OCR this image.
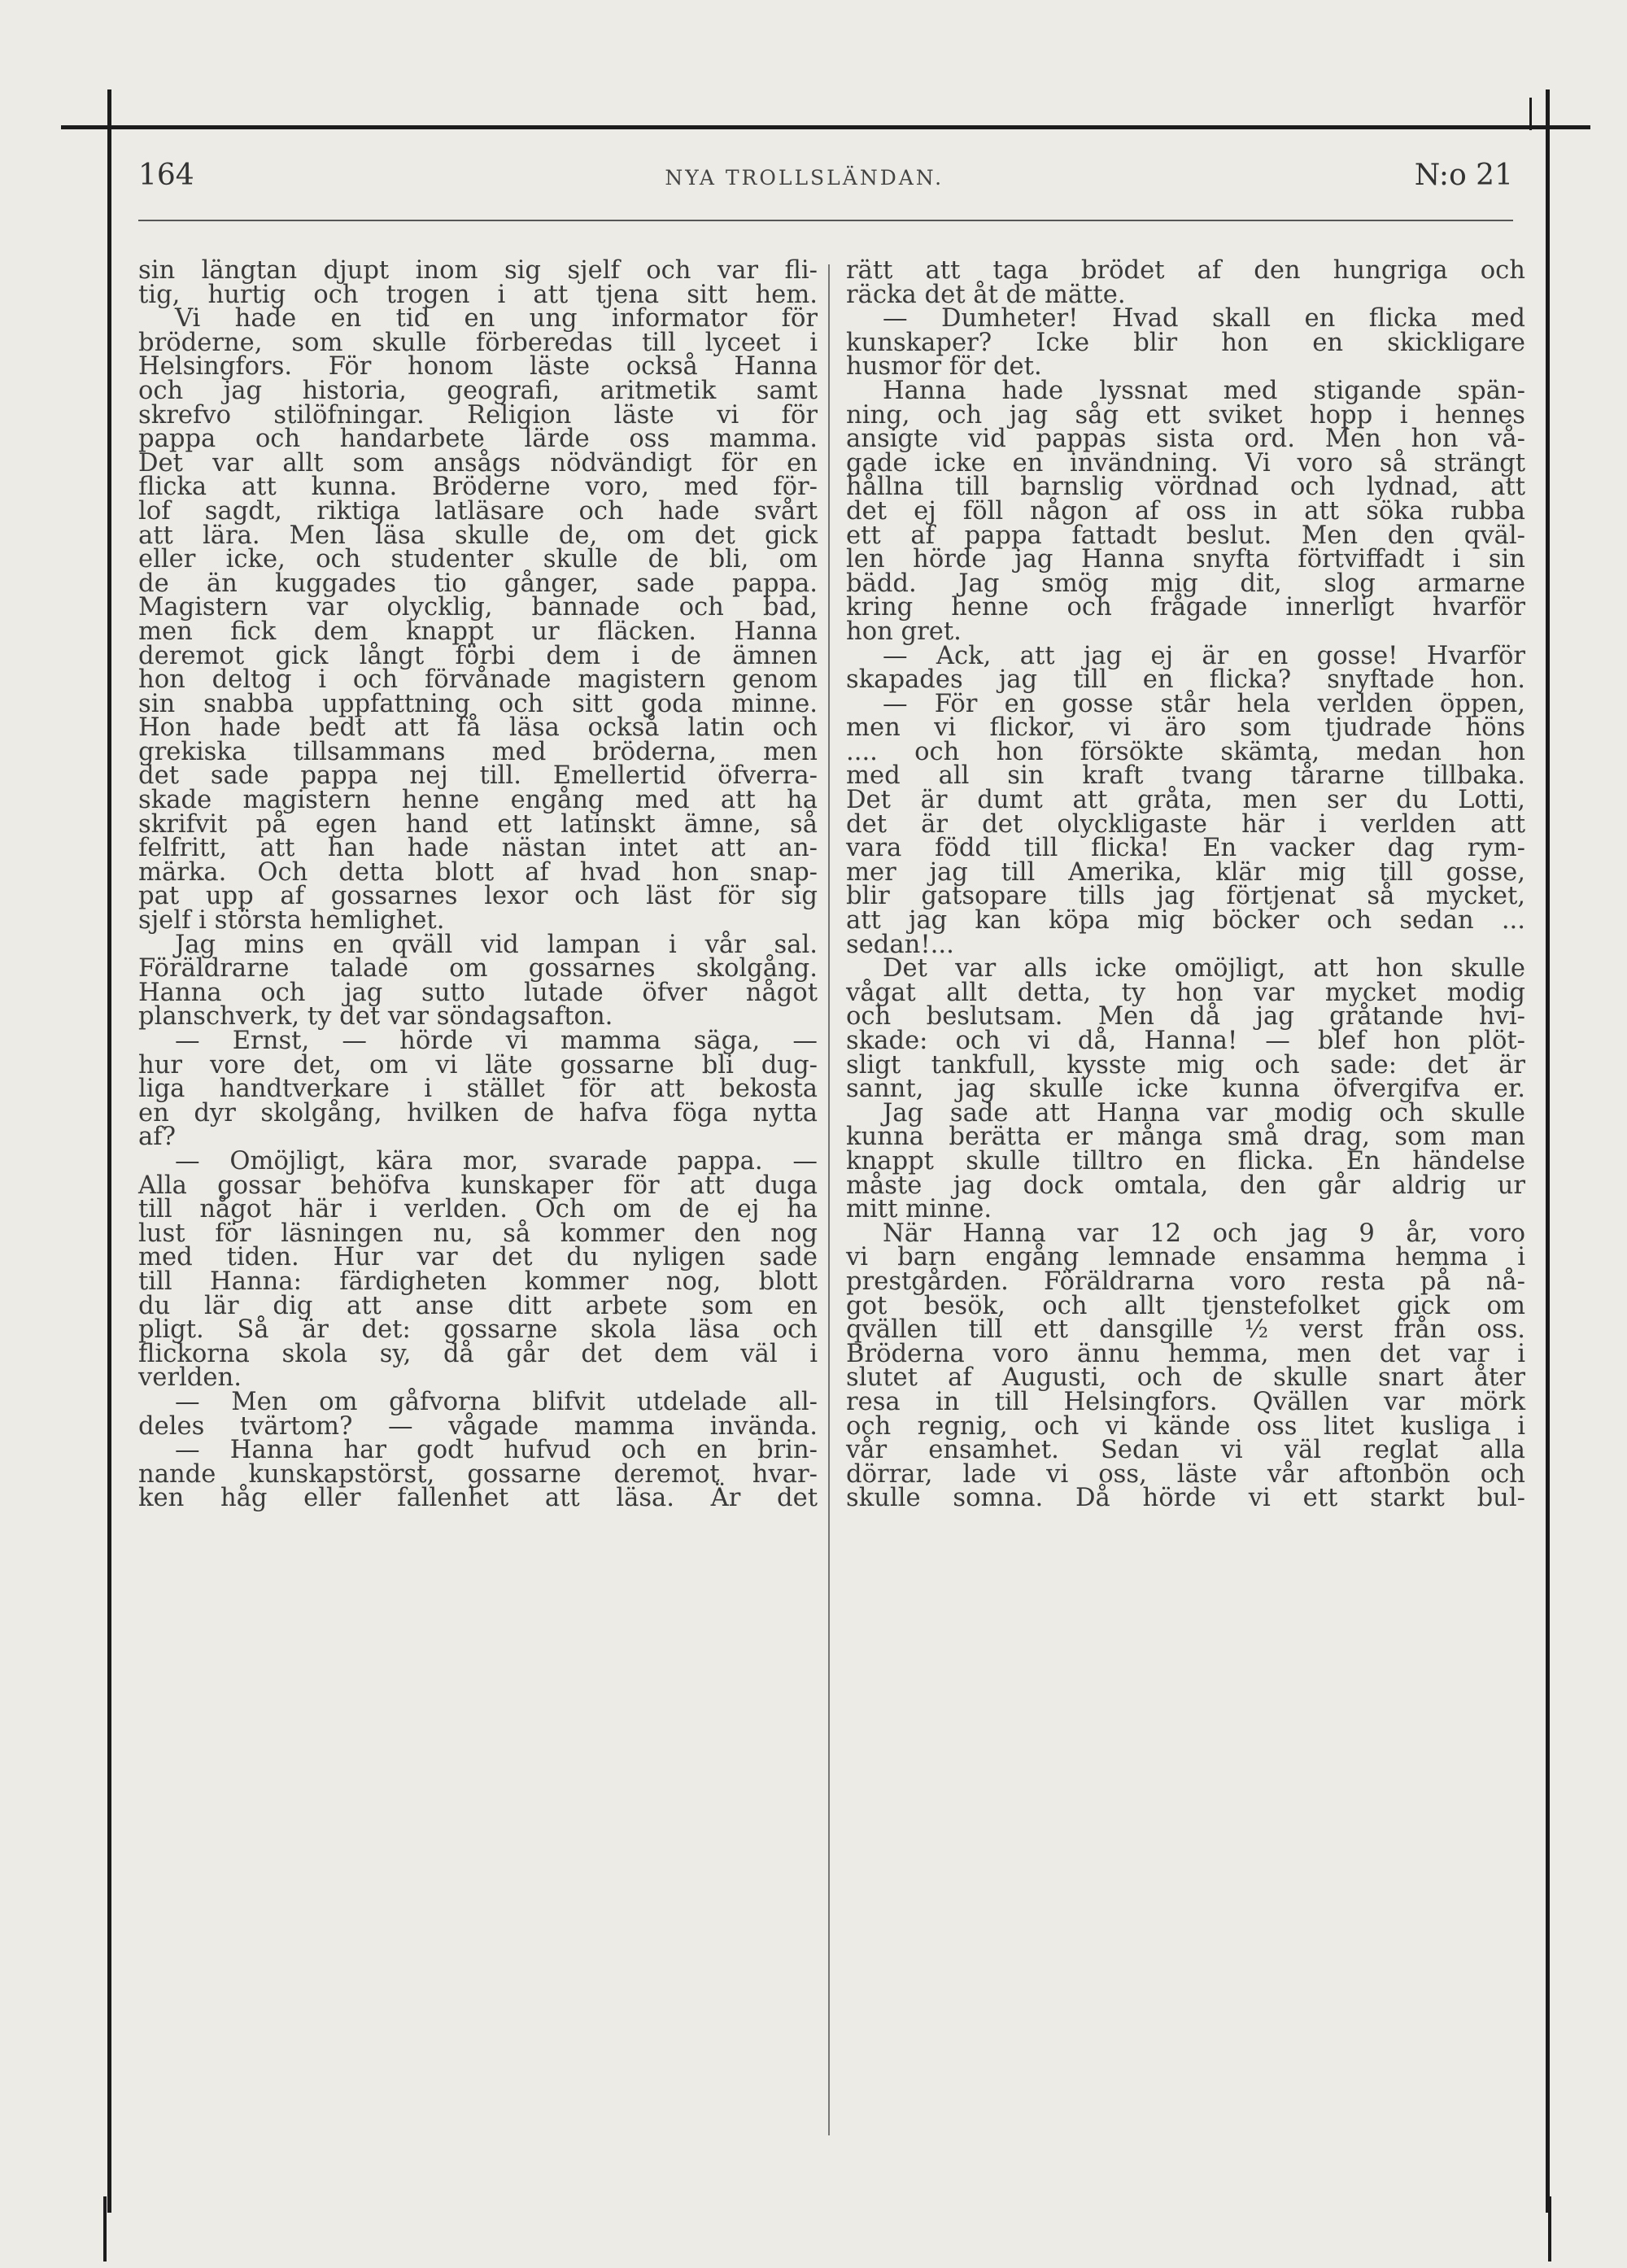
164	NYA TROLLSLÄNDAN.	N:o 21
sin längtan djupt inom sig sjelf och var fli-
tig, hurtig och trogen i att tjena sitt hem.
Vi hade en tid en ung informator för
bröderne, som skulle förberedas till lyceet i
Helsingfors. För honom läste också Hanna
och jag historia, geografi, aritmetik samt
skrefvo stilöfningar. Religion läste vi för
pappa och handarbete lärde oss mamma.
Det var allt som ansågs nödvändigt för en
flicka att kunna. Bröderne voro, med för-
lof sagdt, riktiga latläsare och hade svårt
att lära. Men läsa skulle de, om det gick
eller icke, och studenter skulle de bli, om
de än kuggades tio gånger, sade pappa.
Magistern var olycklig, bannade och bad,
men fick dem knappt ur fläcken. Hanna
deremot gick långt förbi dem i de ämnen
hon deltog i och förvånade magistern genom
sin snabba uppfattning och sitt goda minne.
Hon hade bedt att få läsa också latin och
grekiska tillsammans med bröderna, men
det sade pappa nej till. Emellertid öfverra-
skade magistern henne engång med att ha
skrifvit på egen hand ett latinskt ämne, så
felfritt, att han hade nästan intet att an-
märka. Och detta blott af hvad hon snap-
pat upp af gossarnes lexor och läst för sig
sjelf i största hemlighet.
Jag mins en qväll vid lampan i vår sal.
Föräldrarne talade om gossarnes skolgång.
Hanna och jag sutto lutade öfver något
planschverk, ty det var söndagsafton.
— Ernst, — hörde vi mamma säga, —
hur vore det, om vi läte gossarne bli dug-
liga handtverkare i stället för att bekosta
en dyr skolgång, hvilken de hafva föga nytta
af?
— Omöjligt, kära mor, svarade pappa. —
Alla gossar behöfva kunskaper för att duga
till något här i verlden. Och om de ej ha
lust för läsningen nu, så kommer den nog
med tiden. Hur var det du nyligen sade
till Hanna: färdigheten kommer nog, blott
du lär dig att anse ditt arbete som en
pligt. Så är det: gossarne skola läsa och
flickorna skola sy, då går det dem väl i
verlden.
— Men om gåfvorna blifvit utdelade all-
deles tvärtom? — vågade mamma invända.
— Hanna har godt hufvud och en brin-
nande kunskapstörst, gossarne deremot hvar-
ken håg eller fallenhet att läsa. Är det
rätt att taga brödet af den hungriga och
räcka det åt de mätte.
— Dumheter! Hvad skall en flicka med
kunskaper? Icke blir hon en skickligare
husmor för det.
Hanna hade lyssnat med stigande spän-
ning, och jag såg ett sviket hopp i hennes
ansigte vid pappas sista ord. Men hon vå-
gade icke en invändning. Vi voro så strängt
hållna till barnslig vördnad och lydnad, att
det ej föll någon af oss in att söka rubba
ett af pappa fattadt beslut. Men den qväl-
len hörde jag Hanna snyfta förtviffadt i sin
bädd. Jag smög mig dit, slog armarne
kring henne och frågade innerligt hvarför
hon gret.
— Ack, att jag ej är en gosse! Hvarför
skapades jag till en flicka? snyftade hon.
— För en gosse står hela verlden öppen,
men vi flickor, vi äro som tjudrade höns
.... och hon försökte skämta, medan hon
med all sin kraft tvang tårarne tillbaka.
Det är dumt att gråta, men ser du Lotti,
det är det olyckligaste här i verlden att
vara född till flicka! En vacker dag rym-
mer jag till Amerika, klär mig till gosse,
blir gatsopare tills jag förtjenat så mycket,
att jag kan köpa mig böcker och sedan ...
sedan!...
Det var alls icke omöjligt, att hon skulle
vågat allt detta, ty hon var mycket modig
och beslutsam. Men då jag gråtande hvi-
skade: och vi då, Hanna! — blef hon plöt-
sligt tankfull, kysste mig och sade: det är
sannt, jag skulle icke kunna öfvergifva er.
Jag sade att Hanna var modig och skulle
kunna berätta er många små drag, som man
knappt skulle tilltro en flicka. En händelse
måste jag dock omtala, den går aldrig ur
mitt minne.
När Hanna var 12 och jag 9 år, voro
vi barn engång lemnade ensamma hemma i
prestgården. Föräldrarna voro resta på nå-
got besök, och allt tjenstefolket gick om
qvällen till ett dansgille ½ verst från oss.
Bröderna voro ännu hemma, men det var i
slutet af Augusti, och de skulle snart åter
resa in till Helsingfors. Qvällen var mörk
och regnig, och vi kände oss litet kusliga i
vår ensamhet. Sedan vi väl reglat alla
dörrar, lade vi oss, läste vår aftonbön och
skulle somna. Då hörde vi ett starkt bul-
